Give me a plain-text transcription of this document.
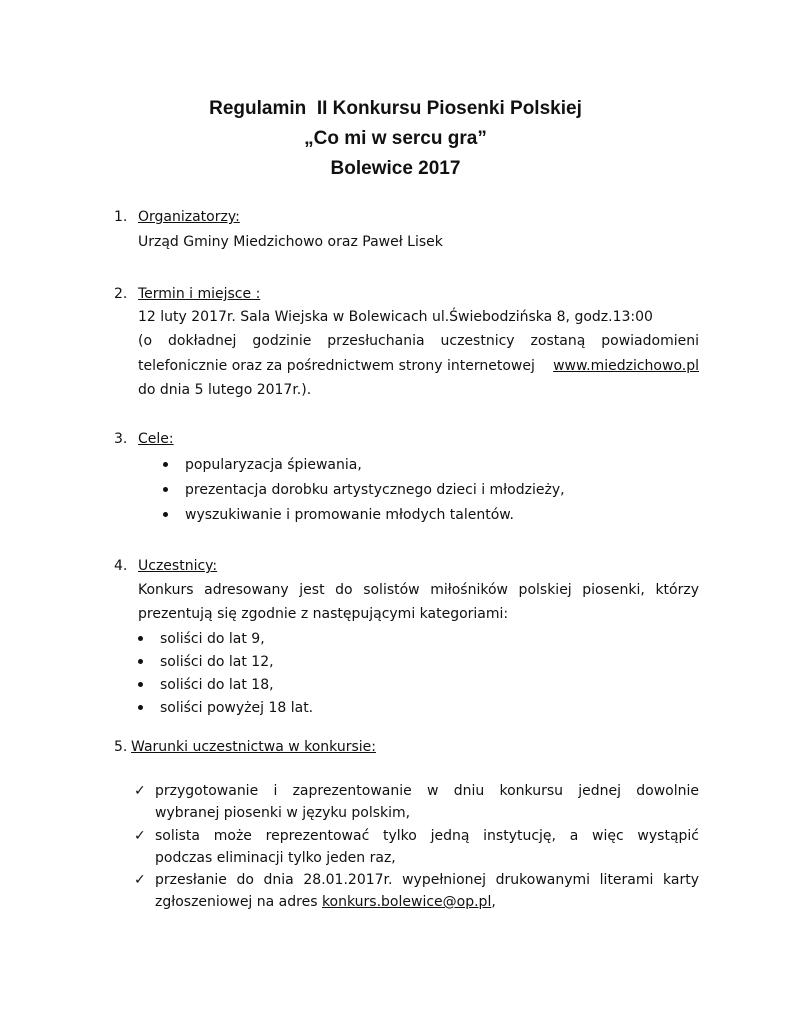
Regulamin  II Konkursu Piosenki Polskiej
„Co mi w sercu gra”
Bolewice 2017
1. Organizatorzy:
Urząd Gminy Miedzichowo oraz Paweł Lisek
2. Termin i miejsce :
12 luty 2017r. Sala Wiejska w Bolewicach ul.Świebodzińska 8, godz.13:00
(o dokładnej godzinie przesłuchania uczestnicy zostaną powiadomieni
telefonicznie oraz za pośrednictwem strony internetowej www.miedzichowo.pl
do dnia 5 lutego 2017r.).
3. Cele:
popularyzacja śpiewania,
prezentacja dorobku artystycznego dzieci i młodzieży,
wyszukiwanie i promowanie młodych talentów.
4. Uczestnicy:
Konkurs adresowany jest do solistów miłośników polskiej piosenki, którzy
prezentują się zgodnie z następującymi kategoriami:
soliści do lat 9,
soliści do lat 12,
soliści do lat 18,
soliści powyżej 18 lat.
5. Warunki uczestnictwa w konkursie:
✓ przygotowanie i zaprezentowanie w dniu konkursu jednej dowolnie
wybranej piosenki w języku polskim,
✓ solista może reprezentować tylko jedną instytucję, a więc wystąpić
podczas eliminacji tylko jeden raz,
✓ przesłanie do dnia 28.01.2017r. wypełnionej drukowanymi literami karty
zgłoszeniowej na adres konkurs.bolewice@op.pl,
